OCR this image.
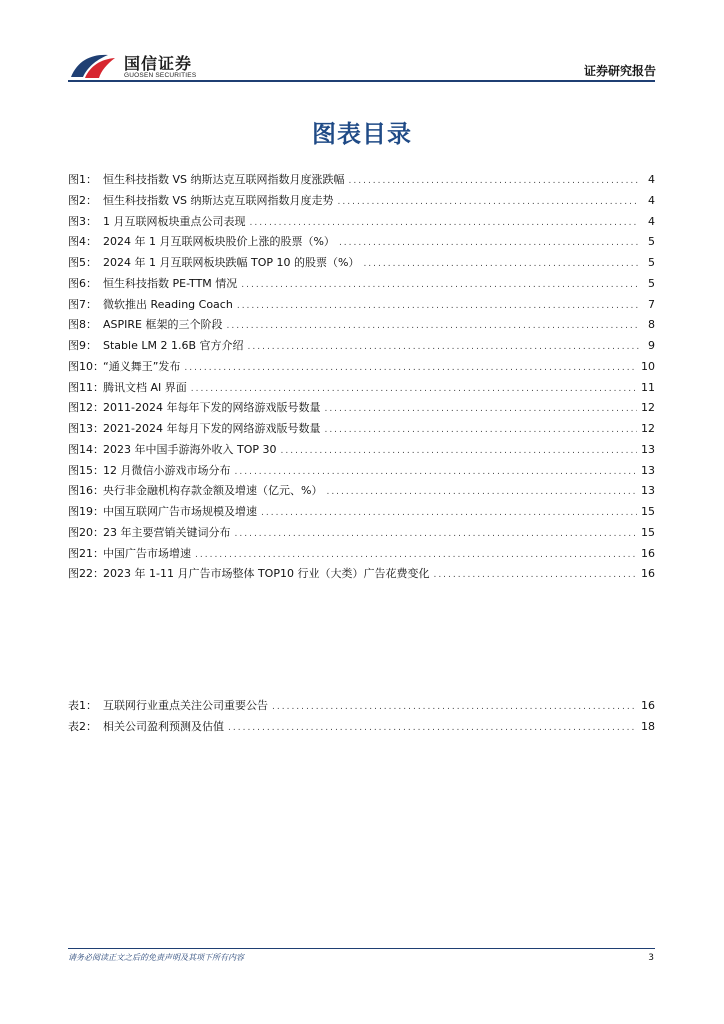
国信证券
GUOSEN SECURITIES	证券研究报告
图表目录
图1： 恒生科技指数 VS 纳斯达克互联网指数月度涨跌幅 .....	4
图2： 恒生科技指数 VS 纳斯达克互联网指数月度走势 .....	4
图3： 1 月互联网板块重点公司表现 .....	4
图4： 2024 年 1 月互联网板块股价上涨的股票（%） .....	5
图5： 2024 年 1 月互联网板块跌幅 TOP 10 的股票（%） .....	5
图6： 恒生科技指数 PE-TTM 情况 .....	5
图7： 微软推出 Reading Coach .....	7
图8： ASPIRE 框架的三个阶段 .....	8
图9： Stable LM 2 1.6B 官方介绍 .....	9
图10： “通义舞王”发布 .....	10
图11： 腾讯文档 AI 界面 .....	11
图12： 2011-2024 年每年下发的网络游戏版号数量 .....	12
图13： 2021-2024 年每月下发的网络游戏版号数量 .....	12
图14： 2023 年中国手游海外收入 TOP 30 .....	13
图15： 12 月微信小游戏市场分布 .....	13
图16： 央行非金融机构存款金额及增速（亿元、%） .....	13
图19： 中国互联网广告市场规模及增速 .....	15
图20： 23 年主要营销关键词分布 .....	15
图21： 中国广告市场增速 .....	16
图22： 2023 年 1-11 月广告市场整体 TOP10 行业（大类）广告花费变化 .....	16
表1： 互联网行业重点关注公司重要公告 .....	16
表2： 相关公司盈利预测及估值 .....	18
请务必阅读正文之后的免责声明及其项下所有内容	3
